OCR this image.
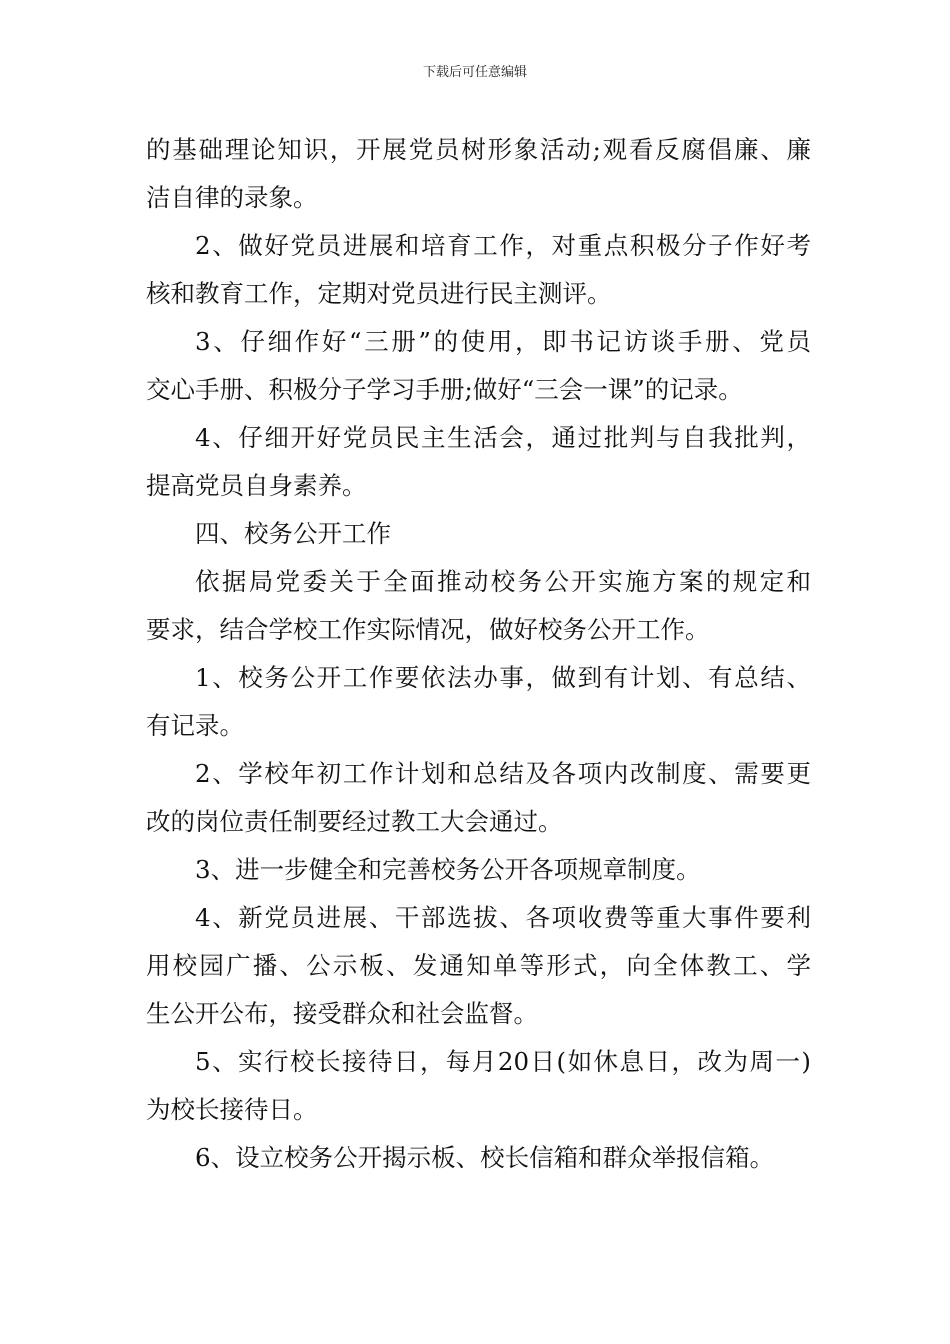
下载后可任意编辑
的基础理论知识，开展党员树形象活动;观看反腐倡廉、廉
洁自律的录象。
2、做好党员进展和培育工作，对重点积极分子作好考
核和教育工作，定期对党员进行民主测评。
3、仔细作好“三册”的使用，即书记访谈手册、党员
交心手册、积极分子学习手册;做好“三会一课”的记录。
4、仔细开好党员民主生活会，通过批判与自我批判，
提高党员自身素养。
四、校务公开工作
依据局党委关于全面推动校务公开实施方案的规定和
要求，结合学校工作实际情况，做好校务公开工作。
1、校务公开工作要依法办事，做到有计划、有总结、
有记录。
2、学校年初工作计划和总结及各项内改制度、需要更
改的岗位责任制要经过教工大会通过。
3、进一步健全和完善校务公开各项规章制度。
4、新党员进展、干部选拔、各项收费等重大事件要利
用校园广播、公示板、发通知单等形式，向全体教工、学
生公开公布，接受群众和社会监督。
5、实行校长接待日，每月20日(如休息日，改为周一)
为校长接待日。
6、设立校务公开揭示板、校长信箱和群众举报信箱。
